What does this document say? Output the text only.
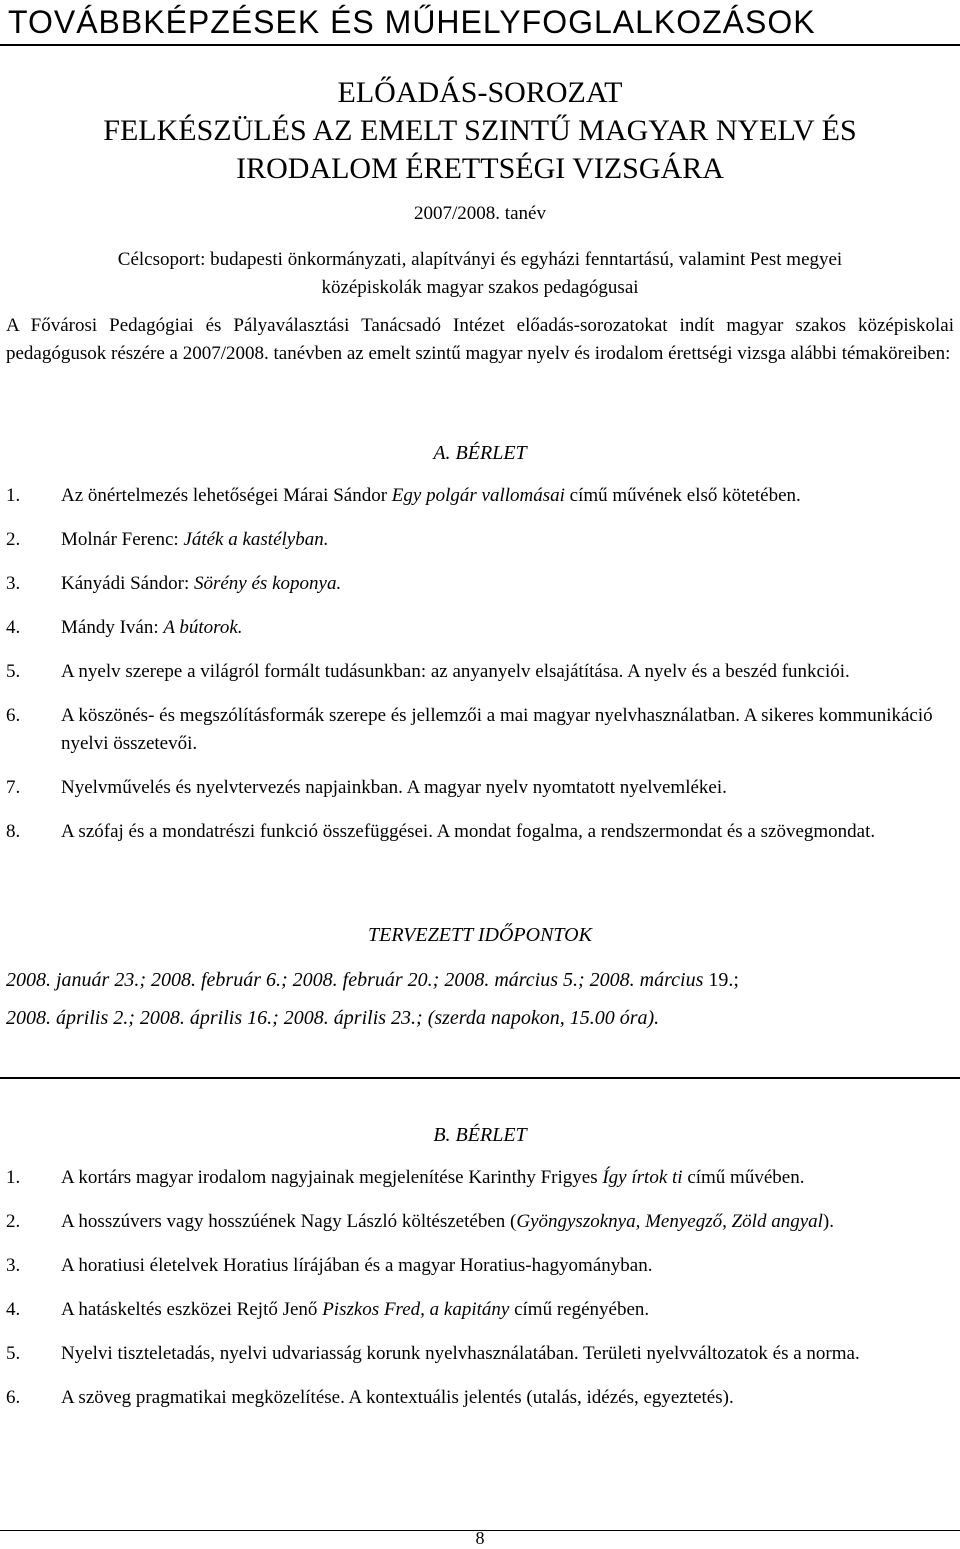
TOVÁBBKÉPZÉSEK ÉS MŰHELYFOGLALKOZÁSOK
ELŐADÁS-SOROZAT
FELKÉSZÜLÉS AZ EMELT SZINTŰ MAGYAR NYELV ÉS
IRODALOM ÉRETTSÉGI VIZSGÁRA
2007/2008. tanév
Célcsoport: budapesti önkormányzati, alapítványi és egyházi fenntartású, valamint Pest megyei
középiskolák magyar szakos pedagógusai
A Fővárosi Pedagógiai és Pályaválasztási Tanácsadó Intézet előadás-sorozatokat indít magyar szakos középiskolai pedagógusok részére a 2007/2008. tanévben az emelt szintű magyar nyelv és irodalom érettségi vizsga alábbi témaköreiben:
A. BÉRLET
1.	Az önértelmezés lehetőségei Márai Sándor Egy polgár vallomásai című művének első kötetében.
2.	Molnár Ferenc: Játék a kastélyban.
3.	Kányádi Sándor: Sörény és koponya.
4.	Mándy Iván: A bútorok.
5.	A nyelv szerepe a világról formált tudásunkban: az anyanyelv elsajátítása. A nyelv és a beszéd funkciói.
6.	A köszönés- és megszólításformák szerepe és jellemzői a mai magyar nyelvhasználatban. A sikeres kommunikáció nyelvi összetevői.
7.	Nyelvművelés és nyelvtervezés napjainkban. A magyar nyelv nyomtatott nyelvemlékei.
8.	A szófaj és a mondatrészi funkció összefüggései. A mondat fogalma, a rendszermondat és a szövegmondat.
TERVEZETT IDŐPONTOK
2008. január 23.; 2008. február 6.; 2008. február 20.; 2008. március 5.; 2008. március 19.;
2008. április 2.; 2008. április 16.; 2008. április 23.; (szerda napokon, 15.00 óra).
B. BÉRLET
1.	A kortárs magyar irodalom nagyjainak megjelenítése Karinthy Frigyes Így írtok ti című művében.
2.	A hosszúvers vagy hosszúének Nagy László költészetében (Gyöngyszoknya, Menyegző, Zöld angyal).
3.	A horatiusi életelvek Horatius lírájában és a magyar Horatius-hagyományban.
4.	A hatáskeltés eszközei Rejtő Jenő Piszkos Fred, a kapitány című regényében.
5.	Nyelvi tiszteletadás, nyelvi udvariasság korunk nyelvhasználatában. Területi nyelvváltozatok és a norma.
6.	A szöveg pragmatikai megközelítése. A kontextuális jelentés (utalás, idézés, egyeztetés).
8
